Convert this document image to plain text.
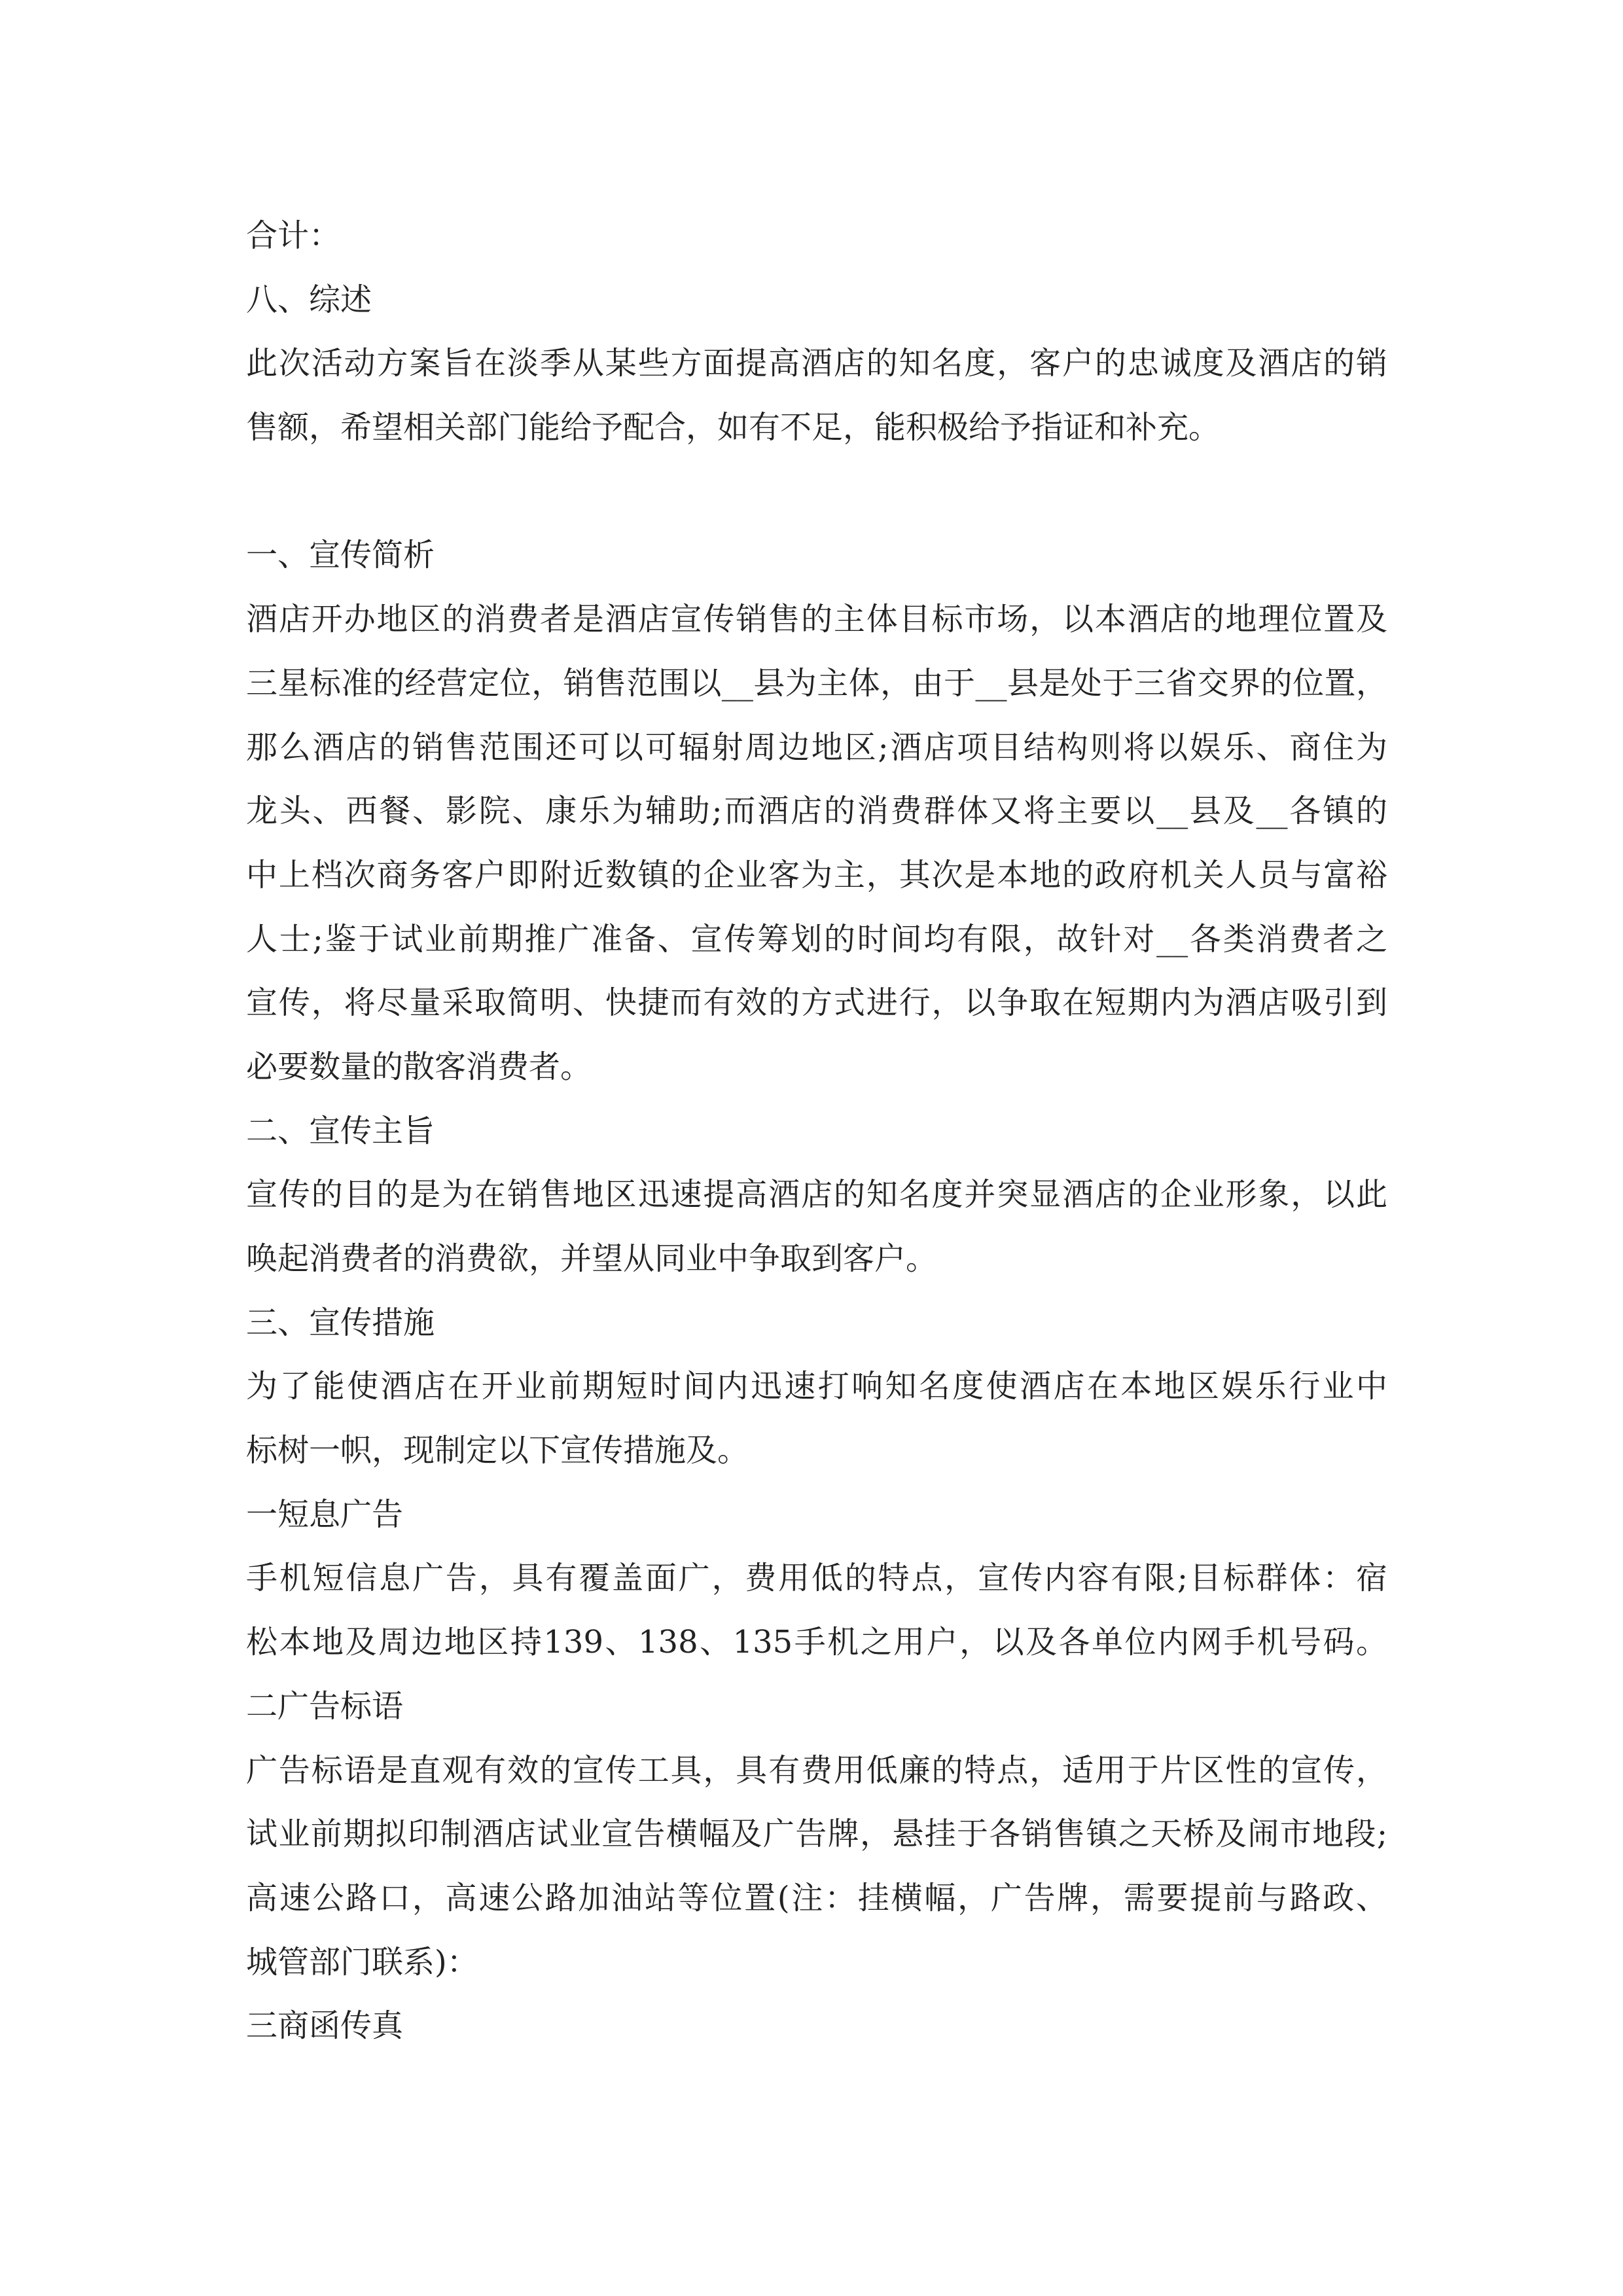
合计：
八、综述
此次活动方案旨在淡季从某些方面提高酒店的知名度，客户的忠诚度及酒店的销
售额，希望相关部门能给予配合，如有不足，能积极给予指证和补充。
一、宣传简析
酒店开办地区的消费者是酒店宣传销售的主体目标市场，以本酒店的地理位置及
三星标准的经营定位，销售范围以__县为主体，由于__县是处于三省交界的位置，
那么酒店的销售范围还可以可辐射周边地区;酒店项目结构则将以娱乐、商住为
龙头、西餐、影院、康乐为辅助;而酒店的消费群体又将主要以__县及__各镇的
中上档次商务客户即附近数镇的企业客为主，其次是本地的政府机关人员与富裕
人士;鉴于试业前期推广准备、宣传筹划的时间均有限，故针对__各类消费者之
宣传，将尽量采取简明、快捷而有效的方式进行，以争取在短期内为酒店吸引到
必要数量的散客消费者。
二、宣传主旨
宣传的目的是为在销售地区迅速提高酒店的知名度并突显酒店的企业形象，以此
唤起消费者的消费欲，并望从同业中争取到客户。
三、宣传措施
为了能使酒店在开业前期短时间内迅速打响知名度使酒店在本地区娱乐行业中
标树一帜，现制定以下宣传措施及。
一短息广告
手机短信息广告，具有覆盖面广，费用低的特点，宣传内容有限;目标群体：宿
松本地及周边地区持139、138、135手机之用户，以及各单位内网手机号码。
二广告标语
广告标语是直观有效的宣传工具，具有费用低廉的特点，适用于片区性的宣传，
试业前期拟印制酒店试业宣告横幅及广告牌，悬挂于各销售镇之天桥及闹市地段;
高速公路口，高速公路加油站等位置(注：挂横幅，广告牌，需要提前与路政、
城管部门联系)：
三商函传真
